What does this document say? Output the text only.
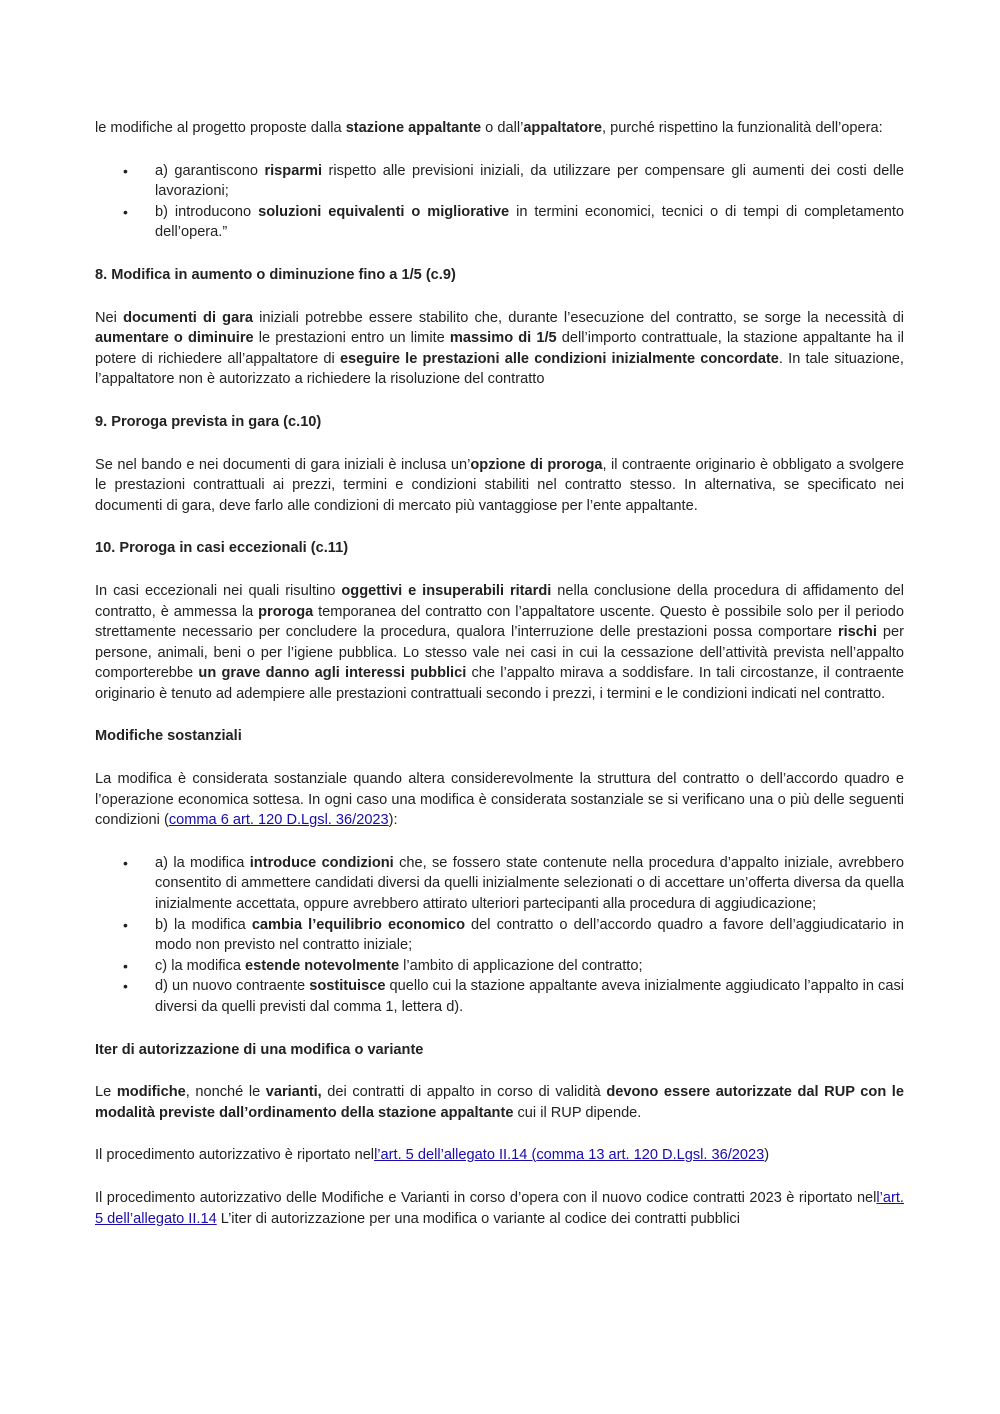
le modifiche al progetto proposte dalla stazione appaltante o dall’appaltatore, purché rispettino la funzionalità dell’opera:

• a) garantiscono risparmi rispetto alle previsioni iniziali, da utilizzare per compensare gli aumenti dei costi delle lavorazioni;
• b) introducono soluzioni equivalenti o migliorative in termini economici, tecnici o di tempi di completamento dell’opera.”
8. Modifica in aumento o diminuzione fino a 1/5 (c.9)

Nei documenti di gara iniziali potrebbe essere stabilito che, durante l’esecuzione del contratto, se sorge la necessità di aumentare o diminuire le prestazioni entro un limite massimo di 1/5 dell’importo contrattuale, la stazione appaltante ha il potere di richiedere all’appaltatore di eseguire le prestazioni alle condizioni inizialmente concordate. In tale situazione, l’appaltatore non è autorizzato a richiedere la risoluzione del contratto

9. Proroga prevista in gara (c.10)

Se nel bando e nei documenti di gara iniziali è inclusa un’opzione di proroga, il contraente originario è obbligato a svolgere le prestazioni contrattuali ai prezzi, termini e condizioni stabiliti nel contratto stesso. In alternativa, se specificato nei documenti di gara, deve farlo alle condizioni di mercato più vantaggiose per l’ente appaltante.

10. Proroga in casi eccezionali (c.11)

In casi eccezionali nei quali risultino oggettivi e insuperabili ritardi nella conclusione della procedura di affidamento del contratto, è ammessa la proroga temporanea del contratto con l’appaltatore uscente. Questo è possibile solo per il periodo strettamente necessario per concludere la procedura, qualora l’interruzione delle prestazioni possa comportare rischi per persone, animali, beni o per l’igiene pubblica. Lo stesso vale nei casi in cui la cessazione dell’attività prevista nell’appalto comporterebbe un grave danno agli interessi pubblici che l’appalto mirava a soddisfare. In tali circostanze, il contraente originario è tenuto ad adempiere alle prestazioni contrattuali secondo i prezzi, i termini e le condizioni indicati nel contratto.

Modifiche sostanziali

La modifica è considerata sostanziale quando altera considerevolmente la struttura del contratto o dell’accordo quadro e l’operazione economica sottesa. In ogni caso una modifica è considerata sostanziale se si verificano una o più delle seguenti condizioni (comma 6 art. 120 D.Lgsl. 36/2023):

• a) la modifica introduce condizioni che, se fossero state contenute nella procedura d’appalto iniziale, avrebbero consentito di ammettere candidati diversi da quelli inizialmente selezionati o di accettare un’offerta diversa da quella inizialmente accettata, oppure avrebbero attirato ulteriori partecipanti alla procedura di aggiudicazione;
• b) la modifica cambia l’equilibrio economico del contratto o dell’accordo quadro a favore dell’aggiudicatario in modo non previsto nel contratto iniziale;
• c) la modifica estende notevolmente l’ambito di applicazione del contratto;
• d) un nuovo contraente sostituisce quello cui la stazione appaltante aveva inizialmente aggiudicato l’appalto in casi diversi da quelli previsti dal comma 1, lettera d).
Iter di autorizzazione di una modifica o variante

Le modifiche, nonché le varianti, dei contratti di appalto in corso di validità devono essere autorizzate dal RUP con le modalità previste dall’ordinamento della stazione appaltante cui il RUP dipende.

Il procedimento autorizzativo è riportato nell’art. 5 dell’allegato II.14 (comma 13 art. 120 D.Lgsl. 36/2023)

Il procedimento autorizzativo delle Modifiche e Varianti in corso d’opera con il nuovo codice contratti 2023 è riportato nell’art. 5 dell’allegato II.14 L’iter di autorizzazione per una modifica o variante al codice dei contratti pubblici
